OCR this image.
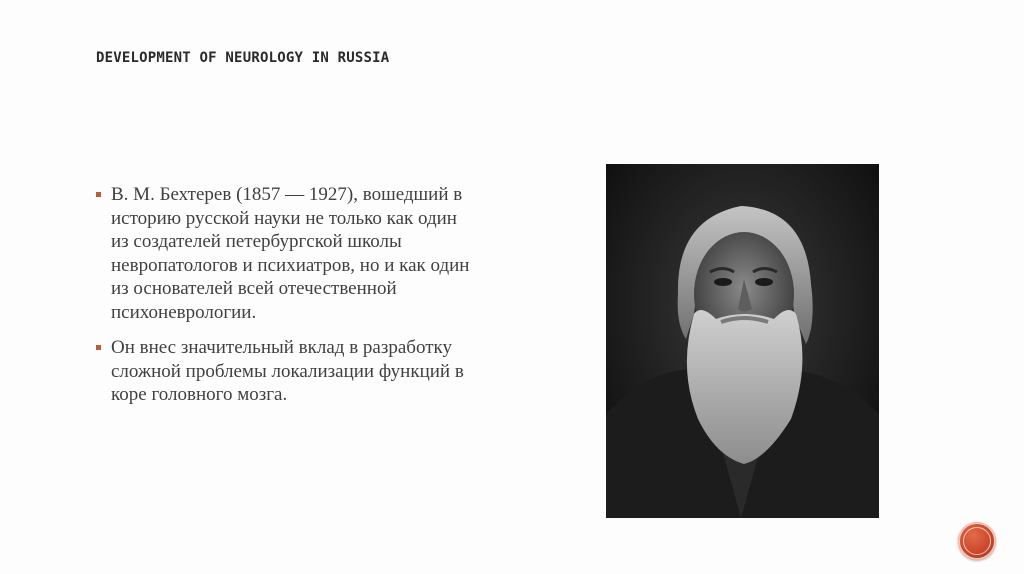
DEVELOPMENT OF NEUROLOGY IN RUSSIA
В. М. Бехтерев (1857 — 1927), вошедший в историю русской науки не только как один из создателей петербургской школы невропатологов и психиатров, но и как один из основателей всей отечественной психоневрологии.
Он внес значительный вклад в разработку сложной проблемы локализации функций в коре головного мозга.
